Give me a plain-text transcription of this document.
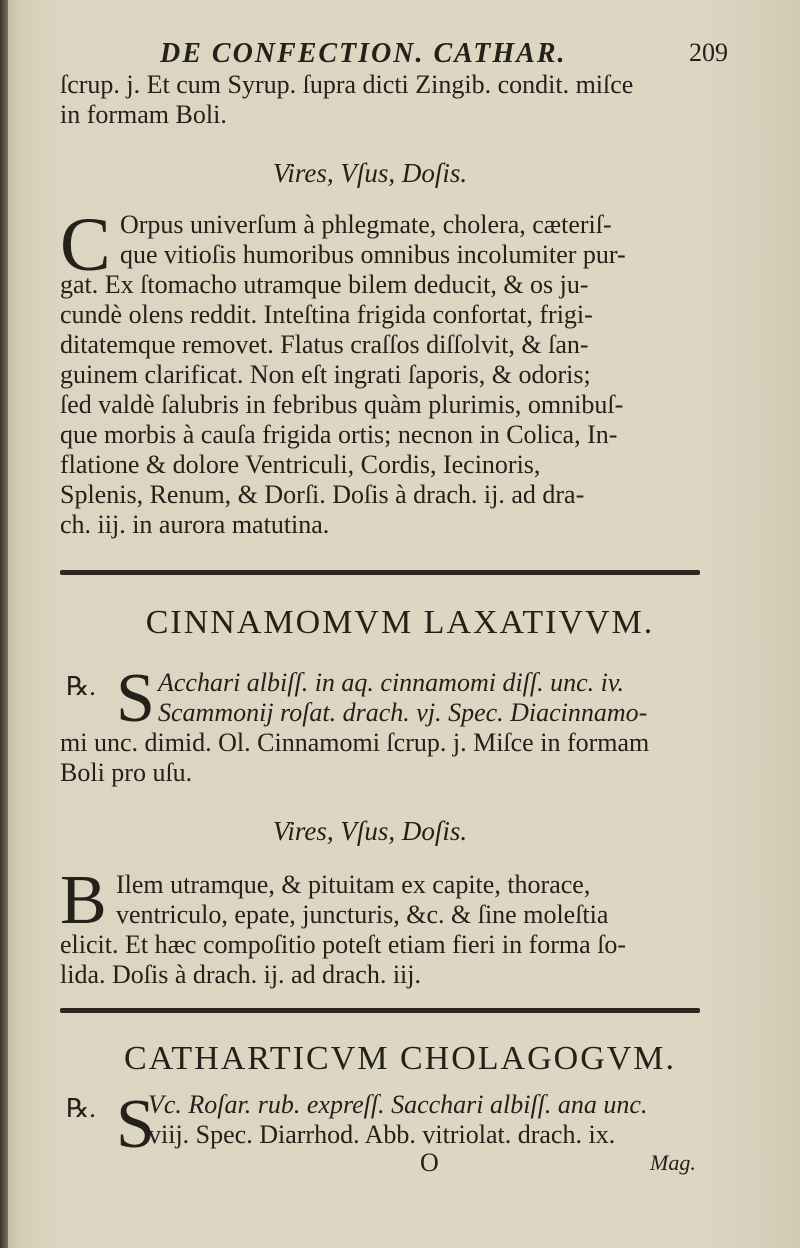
DE CONFECTION. CATHAR.	209
ſcrup. j. Et cum Syrup. ſupra dicti Zingib. condit. miſce
in formam Boli.
Vires, Vſus, Doſis.
C Orpus univerſum à phlegmate, cholera, cæteriſ-
que vitioſis humoribus omnibus incolumiter pur-
gat. Ex ſtomacho utramque bilem deducit, & os ju-
cundè olens reddit. Inteſtina frigida confortat, frigi-
ditatemque removet. Flatus craſſos diſſolvit, & ſan-
guinem clarificat. Non eſt ingrati ſaporis, & odoris;
ſed valdè ſalubris in febribus quàm plurimis, omnibuſ-
que morbis à cauſa frigida ortis; necnon in Colica, In-
flatione & dolore Ventriculi, Cordis, Iecinoris,
Splenis, Renum, & Dorſi. Doſis à drach. ij. ad dra-
ch. iij. in aurora matutina.
CINNAMOMVM LAXATIVVM.
℞. S Acchari albiſſ. in aq. cinnamomi diſſ. unc. iv.
Scammonij roſat. drach. vj. Spec. Diacinnamo-
mi unc. dimid. Ol. Cinnamomi ſcrup. j. Miſce in formam
Boli pro uſu.
Vires, Vſus, Doſis.
B Ilem utramque, & pituitam ex capite, thorace,
ventriculo, epate, juncturis, &c. & ſine moleſtia
elicit. Et hæc compoſitio poteſt etiam fieri in forma ſo-
lida. Doſis à drach. ij. ad drach. iij.
CATHARTICVM CHOLAGOGVM.
℞. S
Vc. Roſar. rub. expreſſ. Sacchari albiſſ. ana unc.
viij. Spec. Diarrhod. Abb. vitriolat. drach. ix.
O	Mag.
